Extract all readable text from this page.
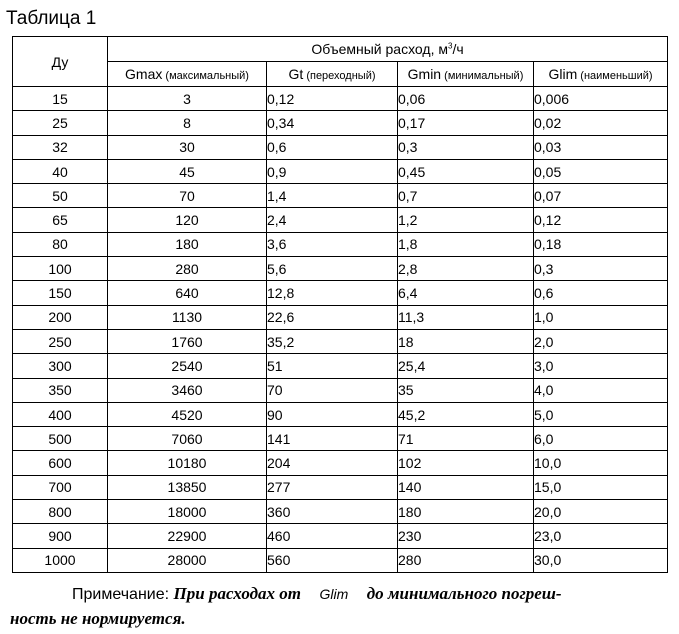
Таблица 1
Ду	Объемный расход, $м^3/ч$			
	Gmax (максимальный)	Gt (переходный)	Gmin (минимальный)	Glim (наименьший)
15	3	0,12	0,06	0,006
25	8	0,34	0,17	0,02
32	30	0,6	0,3	0,03
40	45	0,9	0,45	0,05
50	70	1,4	0,7	0,07
65	120	2,4	1,2	0,12
80	180	3,6	1,8	0,18
100	280	5,6	2,8	0,3
150	640	12,8	6,4	0,6
200	1130	22,6	11,3	1,0
250	1760	35,2	18	2,0
300	2540	51	25,4	3,0
350	3460	70	35	4,0
400	4520	90	45,2	5,0
500	7060	141	71	6,0
600	10180	204	102	10,0
700	13850	277	140	15,0
800	18000	360	180	20,0
900	22900	460	230	23,0
1000	28000	560	280	30,0
Примечание: При расходах от Glim до минимального погреш-
ность не нормируется.
